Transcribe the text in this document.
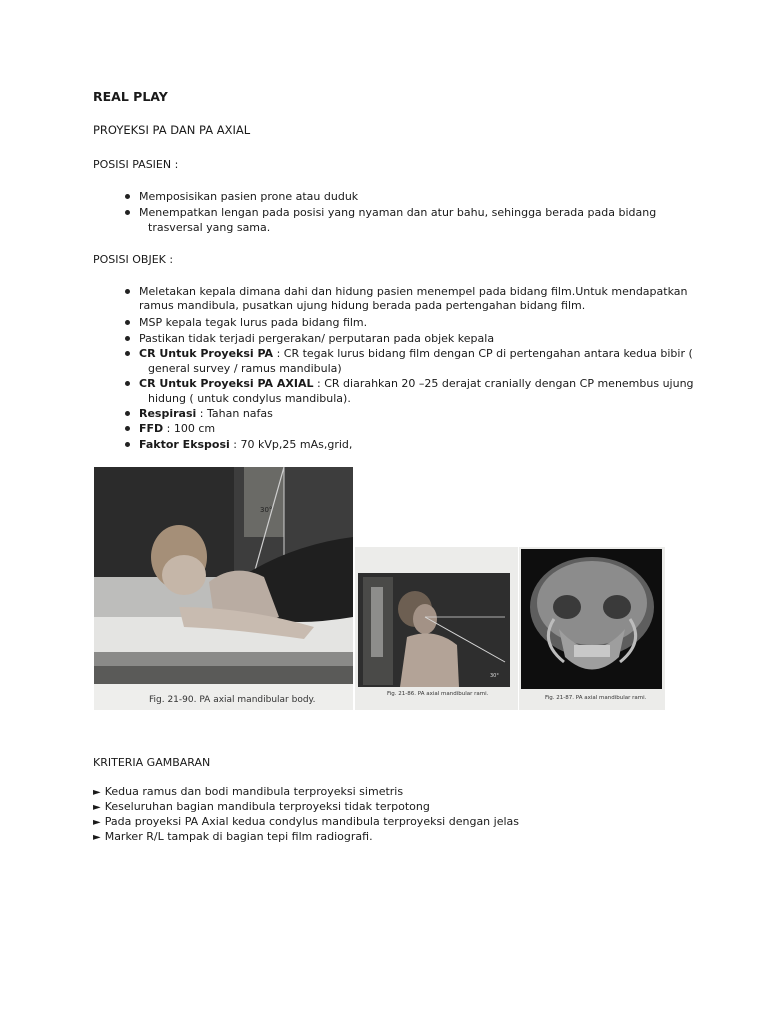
REAL PLAY
PROYEKSI PA DAN PA AXIAL
POSISI PASIEN :
Memposisikan pasien prone atau duduk
Menempatkan lengan pada posisi yang nyaman dan atur bahu, sehingga berada pada bidang
trasversal yang sama.
POSISI OBJEK :
Meletakan kepala dimana dahi dan hidung pasien menempel pada bidang film.Untuk mendapatkan
ramus mandibula, pusatkan ujung hidung berada pada pertengahan bidang film.
MSP kepala tegak lurus pada bidang film.
Pastikan tidak terjadi pergerakan/ perputaran pada objek kepala
CR Untuk Proyeksi PA : CR tegak lurus bidang film dengan CP di pertengahan antara kedua bibir (
general survey / ramus mandibula)
CR Untuk Proyeksi PA AXIAL : CR diarahkan 20 –25 derajat cranially dengan CP menembus ujung
hidung ( untuk condylus mandibula).
Respirasi : Tahan nafas
FFD : 100 cm
Faktor Eksposi : 70 kVp,25 mAs,grid,
30°
Fig. 21-90. PA axial mandibular body.
30°
Fig. 21-86. PA axial mandibular rami.
Fig. 21-87. PA axial mandibular rami.
KRITERIA GAMBARAN
► Kedua ramus dan bodi mandibula terproyeksi simetris
► Keseluruhan bagian mandibula terproyeksi tidak terpotong
► Pada proyeksi PA Axial kedua condylus mandibula terproyeksi dengan jelas
► Marker R/L tampak di bagian tepi film radiografi.
